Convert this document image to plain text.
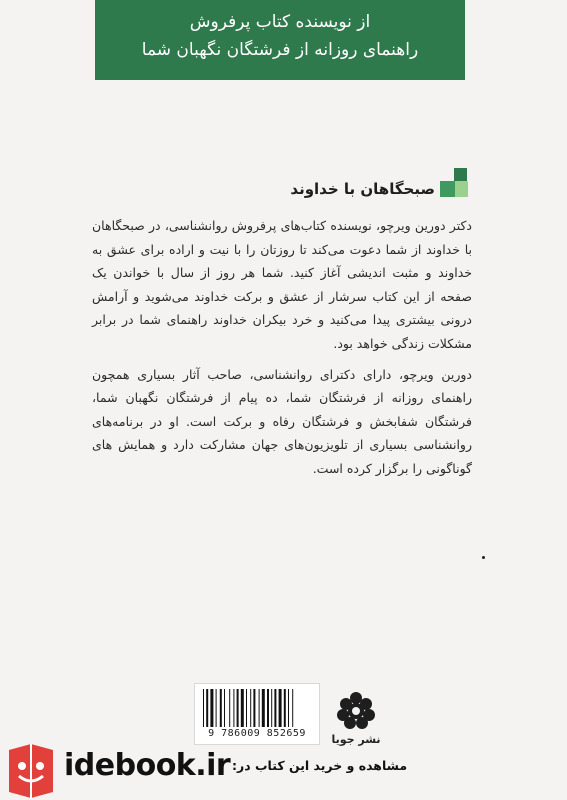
از نویسنده کتاب پرفروش
راهنمای روزانه از فرشتگان نگهبان شما
صبحگاهان با خداوند

دکتر دورین ویرچو، نویسنده کتاب‌های پرفروش روانشناسی، در صبحگاهان با خداوند از شما دعوت می‌کند تا روزتان را با نیت و اراده برای عشق به خداوند و مثبت اندیشی آغاز کنید. شما هر روز از سال با خواندن یک صفحه از این کتاب سرشار از عشق و برکت خداوند می‌شوید و آرامش درونی بیشتری پیدا می‌کنید و خرد بیکران خداوند راهنمای شما در برابر مشکلات زندگی خواهد بود.

دورین ویرچو، دارای دکترای روانشناسی، صاحب آثار بسیاری همچون راهنمای روزانه از فرشتگان شما، ده پیام از فرشتگان نگهبان شما، فرشتگان شفابخش و فرشتگان رفاه و برکت است. او در برنامه‌های روانشناسی بسیاری از تلویزیون‌های جهان مشارکت دارد و همایش های گوناگونی را برگزار کرده است.

9 786009 852659	نشر جویا
idebook.ir مشاهده و خرید این کتاب در:
